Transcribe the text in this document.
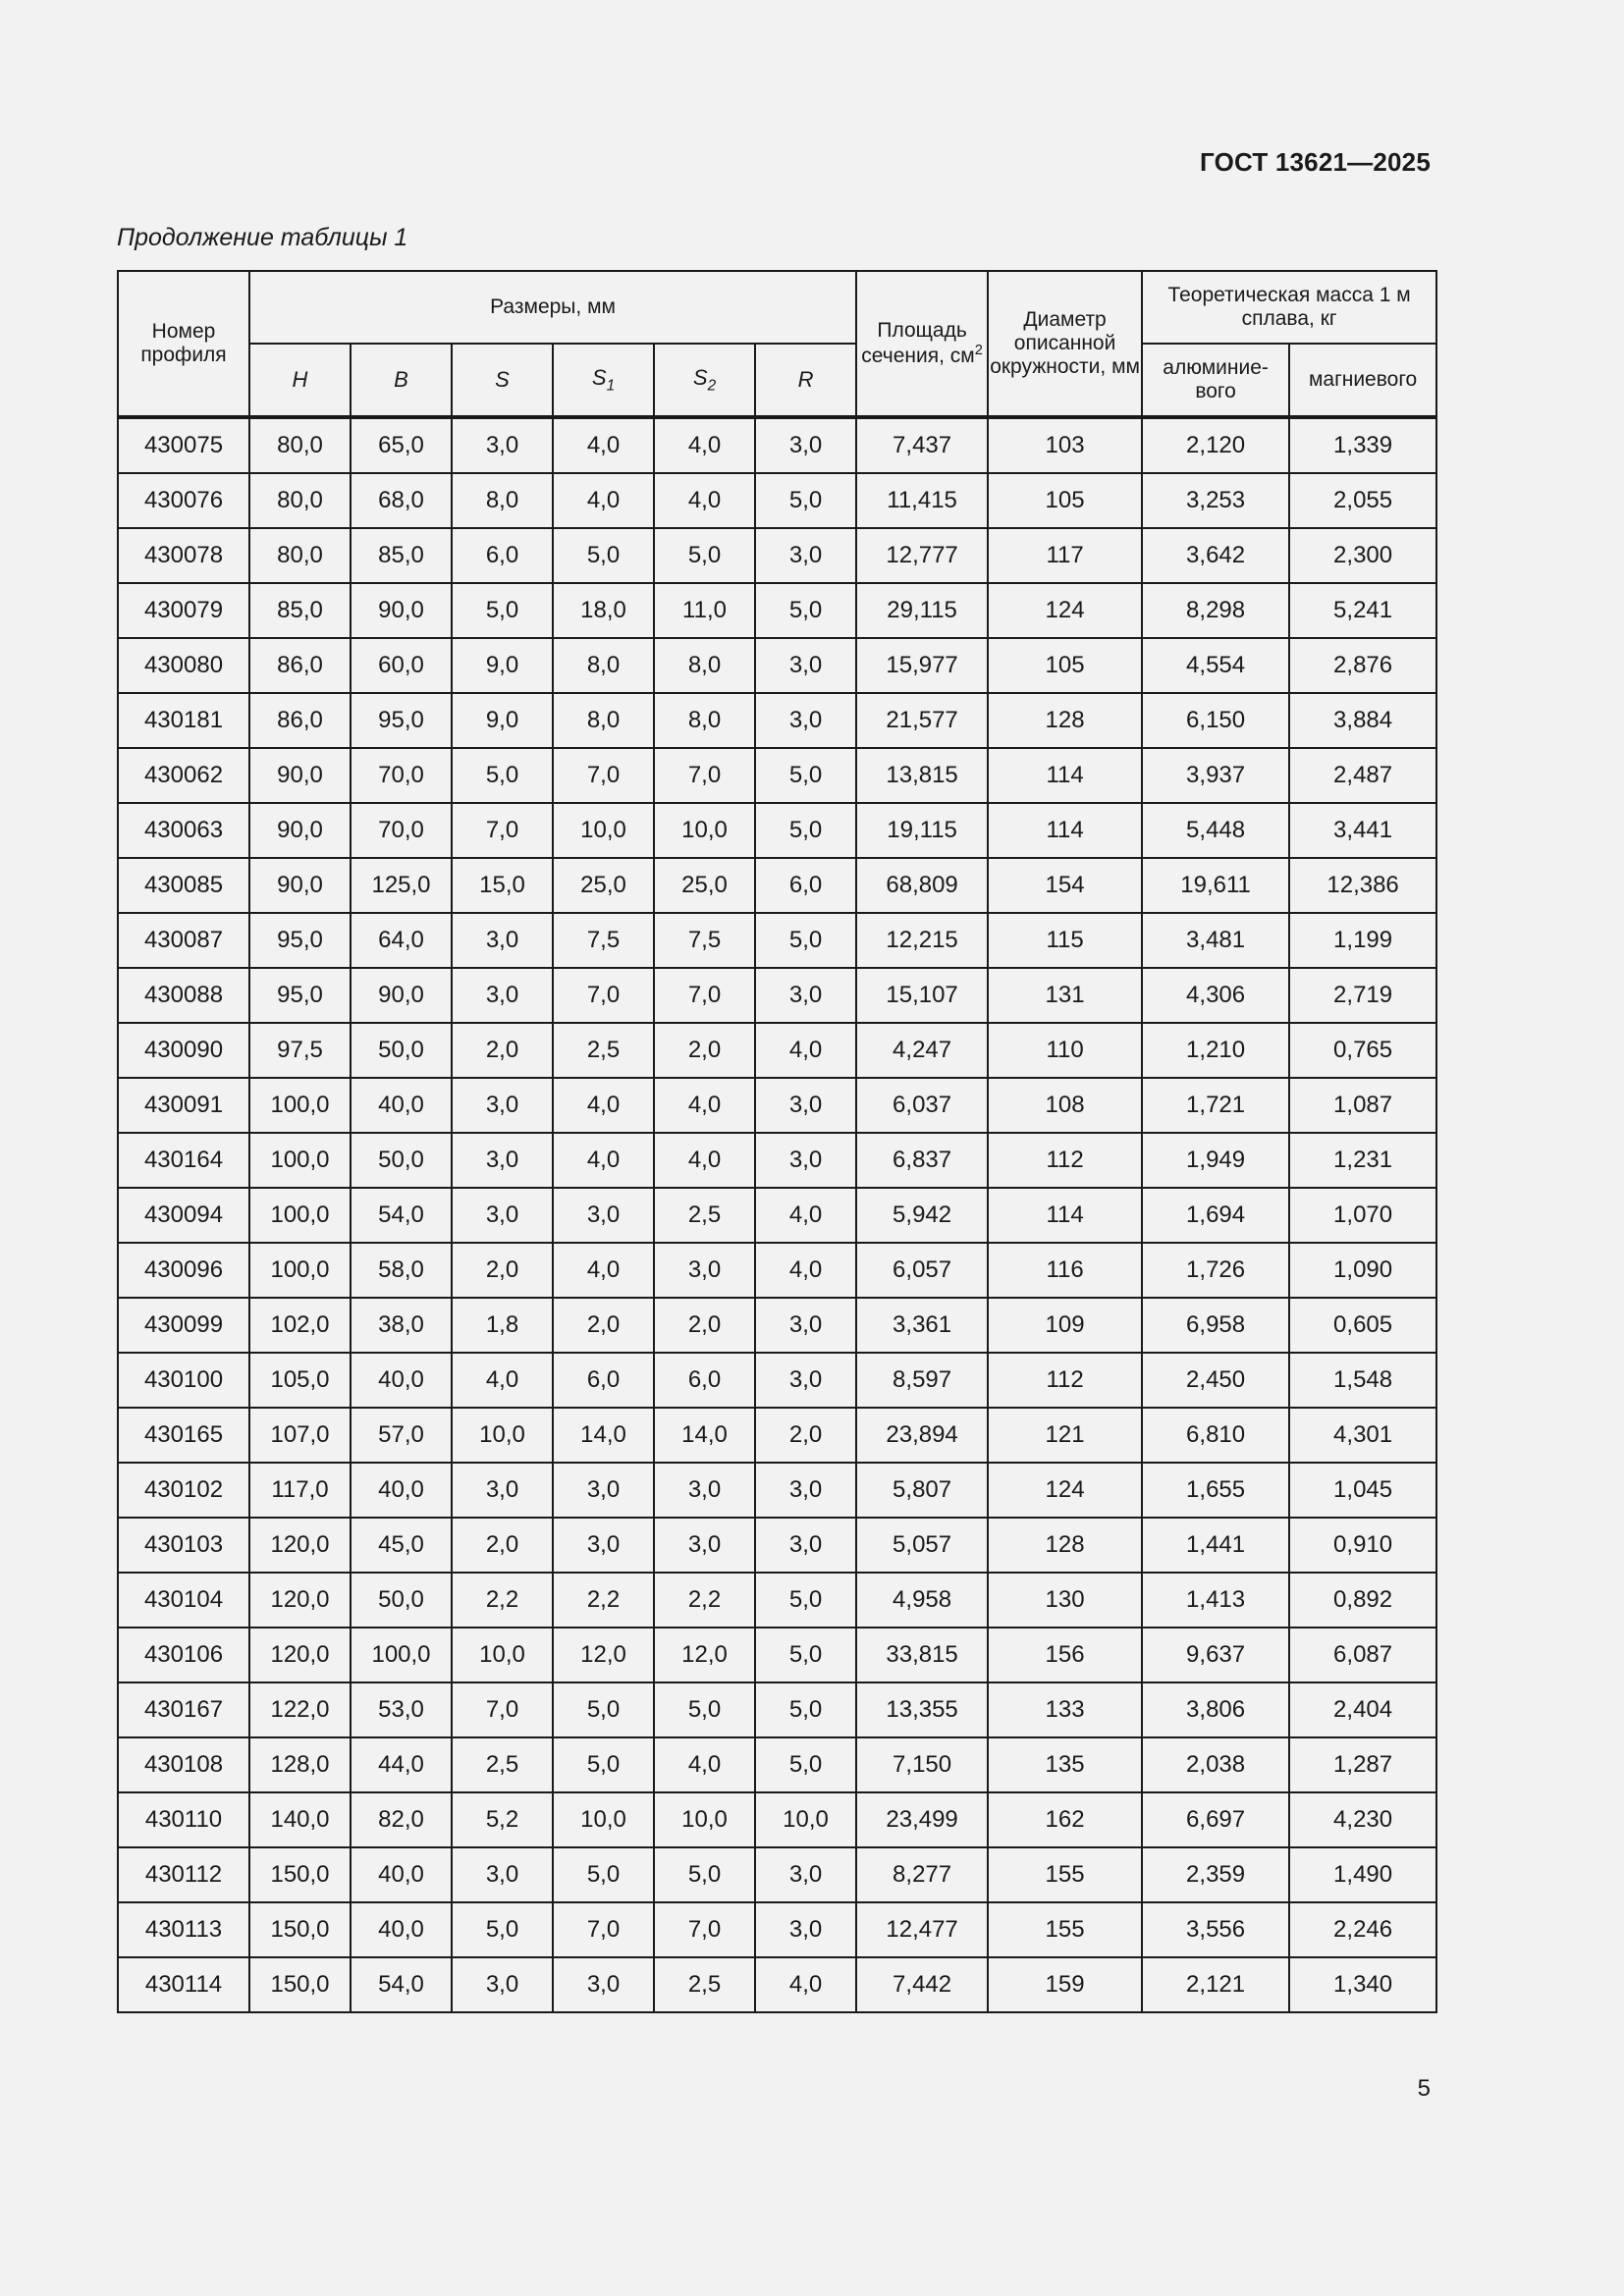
ГОСТ 13621—2025
Продолжение таблицы 1
Номер профиля	Размеры, мм						Площадь сечения, $см^2$	Диаметр описанной окружности, мм	Теоретическая масса 1 м сплава, кг	
	H	B	S	$S_1$	$S_2$	R			алюминие-вого	магниевого
430075	80,0	65,0	3,0	4,0	4,0	3,0	7,437	103	2,120	1,339
430076	80,0	68,0	8,0	4,0	4,0	5,0	11,415	105	3,253	2,055
430078	80,0	85,0	6,0	5,0	5,0	3,0	12,777	117	3,642	2,300
430079	85,0	90,0	5,0	18,0	11,0	5,0	29,115	124	8,298	5,241
430080	86,0	60,0	9,0	8,0	8,0	3,0	15,977	105	4,554	2,876
430181	86,0	95,0	9,0	8,0	8,0	3,0	21,577	128	6,150	3,884
430062	90,0	70,0	5,0	7,0	7,0	5,0	13,815	114	3,937	2,487
430063	90,0	70,0	7,0	10,0	10,0	5,0	19,115	114	5,448	3,441
430085	90,0	125,0	15,0	25,0	25,0	6,0	68,809	154	19,611	12,386
430087	95,0	64,0	3,0	7,5	7,5	5,0	12,215	115	3,481	1,199
430088	95,0	90,0	3,0	7,0	7,0	3,0	15,107	131	4,306	2,719
430090	97,5	50,0	2,0	2,5	2,0	4,0	4,247	110	1,210	0,765
430091	100,0	40,0	3,0	4,0	4,0	3,0	6,037	108	1,721	1,087
430164	100,0	50,0	3,0	4,0	4,0	3,0	6,837	112	1,949	1,231
430094	100,0	54,0	3,0	3,0	2,5	4,0	5,942	114	1,694	1,070
430096	100,0	58,0	2,0	4,0	3,0	4,0	6,057	116	1,726	1,090
430099	102,0	38,0	1,8	2,0	2,0	3,0	3,361	109	6,958	0,605
430100	105,0	40,0	4,0	6,0	6,0	3,0	8,597	112	2,450	1,548
430165	107,0	57,0	10,0	14,0	14,0	2,0	23,894	121	6,810	4,301
430102	117,0	40,0	3,0	3,0	3,0	3,0	5,807	124	1,655	1,045
430103	120,0	45,0	2,0	3,0	3,0	3,0	5,057	128	1,441	0,910
430104	120,0	50,0	2,2	2,2	2,2	5,0	4,958	130	1,413	0,892
430106	120,0	100,0	10,0	12,0	12,0	5,0	33,815	156	9,637	6,087
430167	122,0	53,0	7,0	5,0	5,0	5,0	13,355	133	3,806	2,404
430108	128,0	44,0	2,5	5,0	4,0	5,0	7,150	135	2,038	1,287
430110	140,0	82,0	5,2	10,0	10,0	10,0	23,499	162	6,697	4,230
430112	150,0	40,0	3,0	5,0	5,0	3,0	8,277	155	2,359	1,490
430113	150,0	40,0	5,0	7,0	7,0	3,0	12,477	155	3,556	2,246
430114	150,0	54,0	3,0	3,0	2,5	4,0	7,442	159	2,121	1,340
5
